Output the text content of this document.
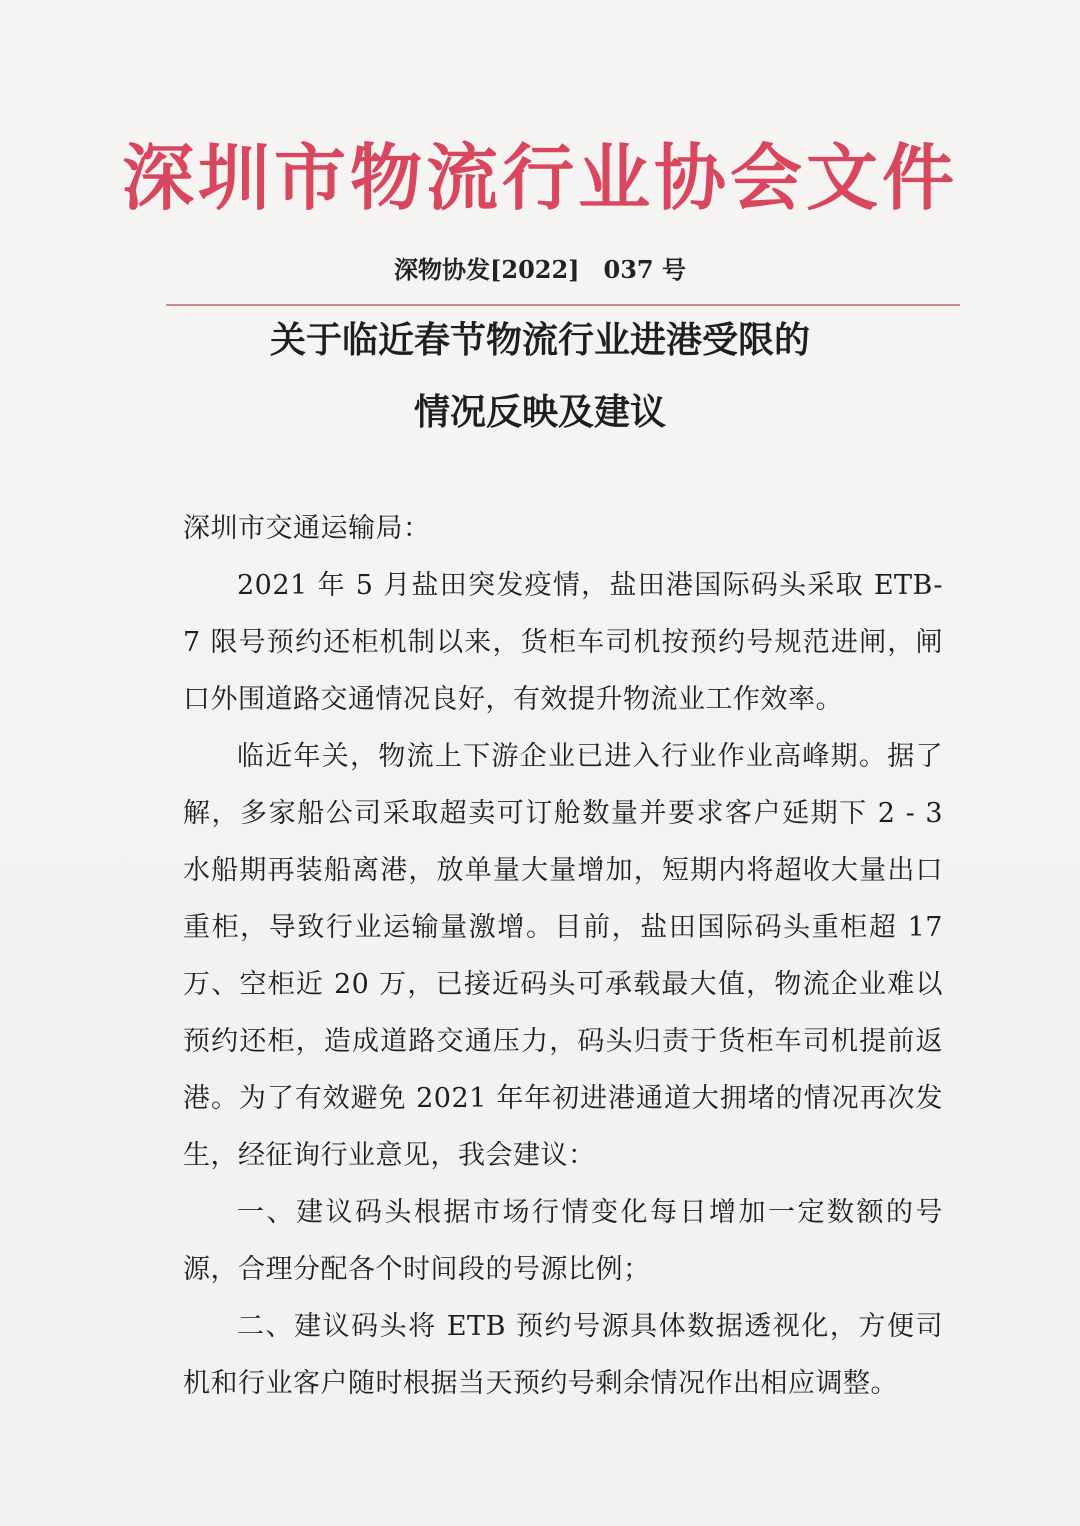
深圳市物流行业协会文件
深物协发[2022] 037 号
关于临近春节物流行业进港受限的
情况反映及建议

深圳市交通运输局：

2021 年 5 月盐田突发疫情，盐田港国际码头采取 ETB-7 限号预约还柜机制以来，货柜车司机按预约号规范进闸，闸口外围道路交通情况良好，有效提升物流业工作效率。

临近年关，物流上下游企业已进入行业作业高峰期。据了解，多家船公司采取超卖可订舱数量并要求客户延期下 2 - 3 水船期再装船离港，放单量大量增加，短期内将超收大量出口重柜，导致行业运输量激增。目前，盐田国际码头重柜超 17 万、空柜近 20 万，已接近码头可承载最大值，物流企业难以预约还柜，造成道路交通压力，码头归责于货柜车司机提前返港。为了有效避免 2021 年年初进港通道大拥堵的情况再次发生，经征询行业意见，我会建议：

一、建议码头根据市场行情变化每日增加一定数额的号源，合理分配各个时间段的号源比例；

二、建议码头将 ETB 预约号源具体数据透视化，方便司机和行业客户随时根据当天预约号剩余情况作出相应调整。
